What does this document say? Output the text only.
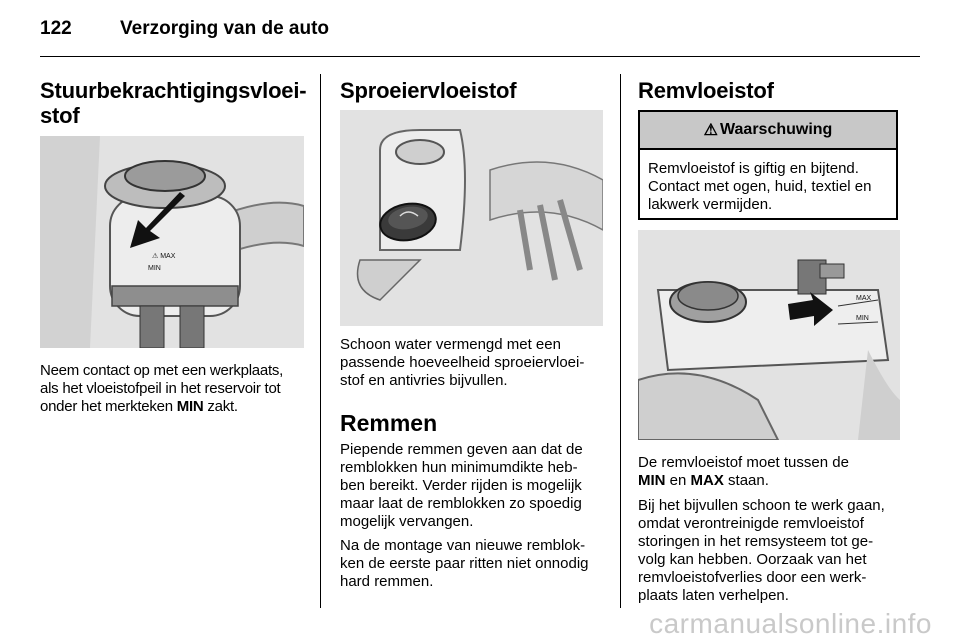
122	Verzorging van de auto
Stuurbekrachtigingsvloei-
stof
⚠ MAX
MIN

Neem contact op met een werkplaats,
als het vloeistofpeil in het reservoir tot
onder het merkteken MIN zakt.

Sproeiervloeistof

Schoon water vermengd met een
passende hoeveelheid sproeiervloei-
stof en antivries bijvullen.

Remmen

Piepende remmen geven aan dat de
remblokken hun minimumdikte heb-
ben bereikt. Verder rijden is mogelijk
maar laat de remblokken zo spoedig
mogelijk vervangen.

Na de montage van nieuwe remblok-
ken de eerste paar ritten niet onnodig
hard remmen.

Remvloeistof
⚠ Waarschuwing
Remvloeistof is giftig en bijtend.
Contact met ogen, huid, textiel en
lakwerk vermijden.
MAX
MIN

De remvloeistof moet tussen de
MIN en MAX staan.

Bij het bijvullen schoon te werk gaan,
omdat verontreinigde remvloeistof
storingen in het remsysteem tot ge-
volg kan hebben. Oorzaak van het
remvloeistofverlies door een werk-
plaats laten verhelpen.

carmanualsonline.info
